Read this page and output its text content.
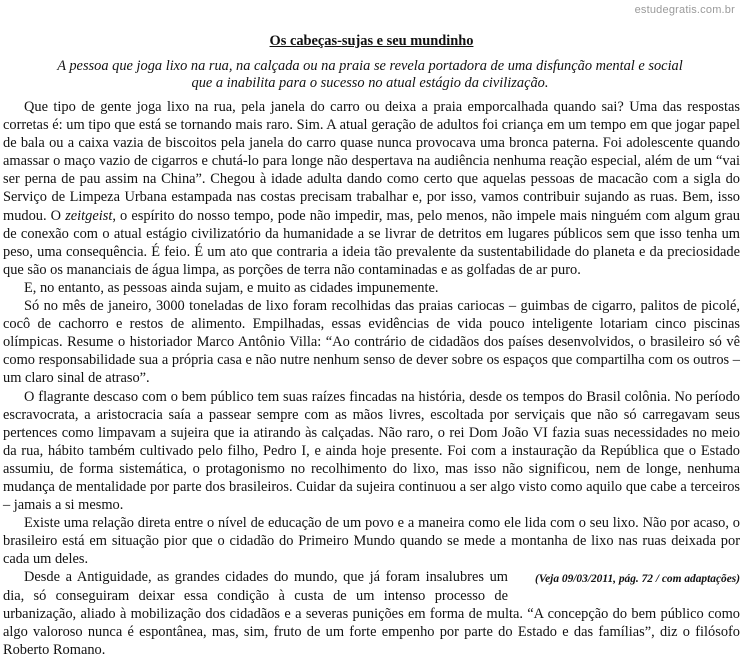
estudegratis.com.br
Os cabeças-sujas e seu mundinho
A pessoa que joga lixo na rua, na calçada ou na praia se revela portadora de uma disfunção mental e social que a inabilita para o sucesso no atual estágio da civilização.

Que tipo de gente joga lixo na rua, pela janela do carro ou deixa a praia emporcalhada quando sai? Uma das respostas corretas é: um tipo que está se tornando mais raro. Sim. A atual geração de adultos foi criança em um tempo em que jogar papel de bala ou a caixa vazia de biscoitos pela janela do carro quase nunca provocava uma bronca paterna. Foi adolescente quando amassar o maço vazio de cigarros e chutá-lo para longe não despertava na audiência nenhuma reação especial, além de um “vai ser perna de pau assim na China”. Chegou à idade adulta dando como certo que aquelas pessoas de macacão com a sigla do Serviço de Limpeza Urbana estampada nas costas precisam trabalhar e, por isso, vamos contribuir sujando as ruas. Bem, isso mudou. O zeitgeist, o espírito do nosso tempo, pode não impedir, mas, pelo menos, não impele mais ninguém com algum grau de conexão com o atual estágio civilizatório da humanidade a se livrar de detritos em lugares públicos sem que isso tenha um peso, uma consequência. É feio. É um ato que contraria a ideia tão prevalente da sustentabilidade do planeta e da preciosidade que são os mananciais de água limpa, as porções de terra não contaminadas e as golfadas de ar puro.

E, no entanto, as pessoas ainda sujam, e muito as cidades impunemente.

Só no mês de janeiro, 3000 toneladas de lixo foram recolhidas das praias cariocas – guimbas de cigarro, palitos de picolé, cocô de cachorro e restos de alimento. Empilhadas, essas evidências de vida pouco inteligente lotariam cinco piscinas olímpicas. Resume o historiador Marco Antônio Villa: “Ao contrário de cidadãos dos países desenvolvidos, o brasileiro só vê como responsabilidade sua a própria casa e não nutre nenhum senso de dever sobre os espaços que compartilha com os outros – um claro sinal de atraso”.

O flagrante descaso com o bem público tem suas raízes fincadas na história, desde os tempos do Brasil colônia. No período escravocrata, a aristocracia saía a passear sempre com as mãos livres, escoltada por serviçais que não só carregavam seus pertences como limpavam a sujeira que ia atirando às calçadas. Não raro, o rei Dom João VI fazia suas necessidades no meio da rua, hábito também cultivado pelo filho, Pedro I, e ainda hoje presente. Foi com a instauração da República que o Estado assumiu, de forma sistemática, o protagonismo no recolhimento do lixo, mas isso não significou, nem de longe, nenhuma mudança de mentalidade por parte dos brasileiros. Cuidar da sujeira continuou a ser algo visto como aquilo que cabe a terceiros – jamais a si mesmo.

Existe uma relação direta entre o nível de educação de um povo e a maneira como ele lida com o seu lixo. Não por acaso, o brasileiro está em situação pior que o cidadão do Primeiro Mundo quando se mede a montanha de lixo nas ruas deixada por cada um deles.

(Veja 09/03/2011, pág. 72 / com adaptações)
Desde a Antiguidade, as grandes cidades do mundo, que já foram insalubres um dia, só conseguiram deixar essa condição à custa de um intenso processo de urbanização, aliado à mobilização dos cidadãos e a severas punições em forma de multa. “A concepção do bem público como algo valoroso nunca é espontânea, mas, sim, fruto de um forte empenho por parte do Estado e das famílias”, diz o filósofo Roberto Romano.
